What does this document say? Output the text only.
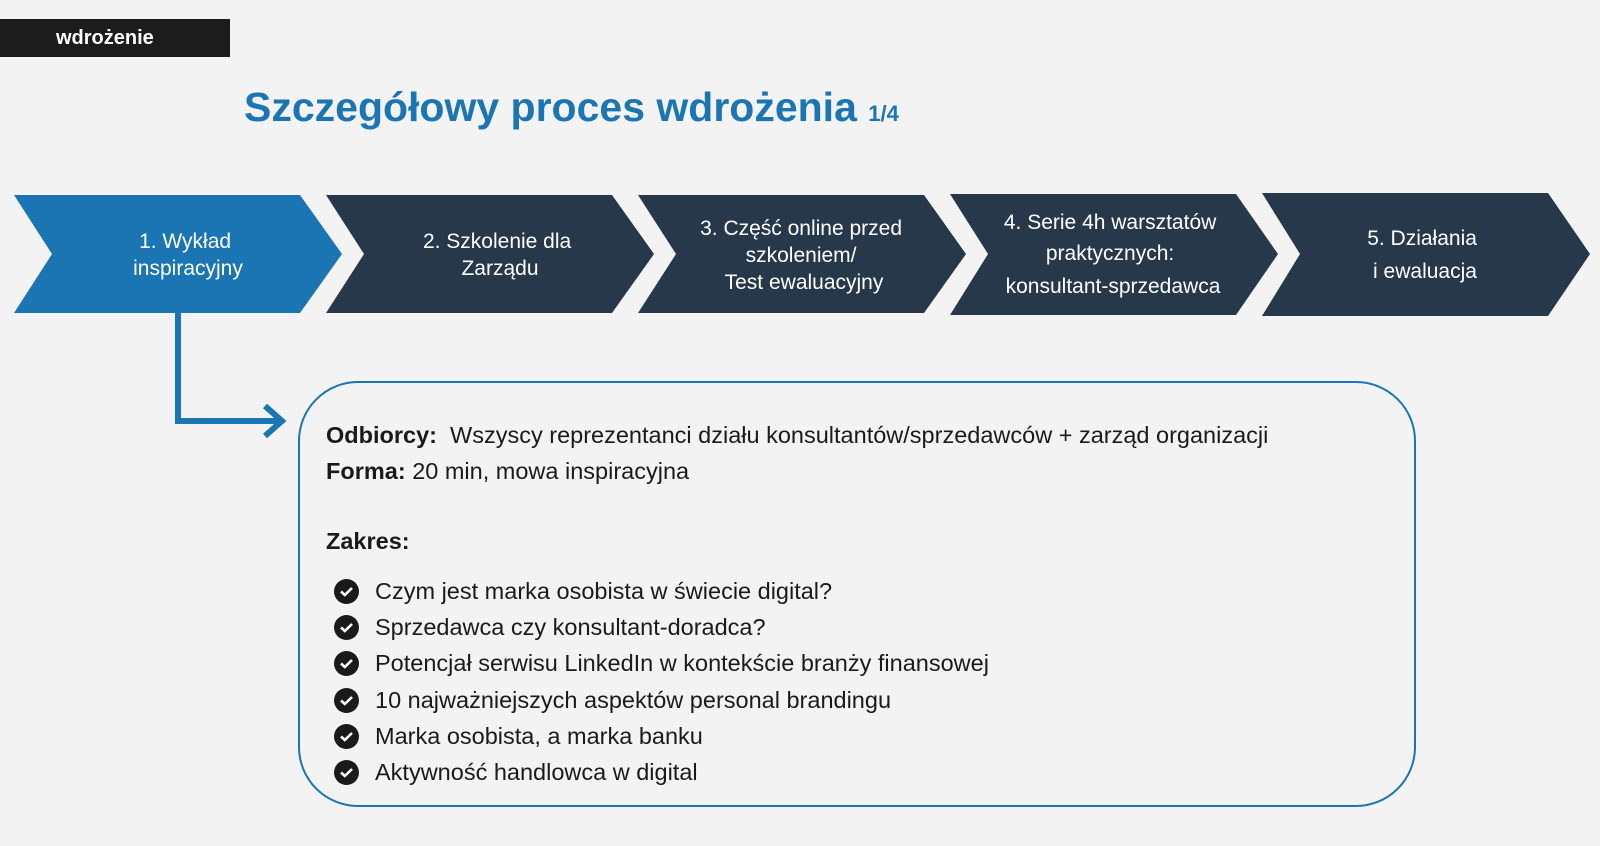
wdrożenie
Szczegółowy proces wdrożenia 1/4
1. Wykład inspiracyjny
2. Szkolenie dla Zarządu
3. Część online przed szkoleniem/ Test ewaluacyjny
4. Serie 4h warsztatów praktycznych: konsultant-sprzedawca
5. Działania i ewaluacja
Odbiorcy: Wszyscy reprezentanci działu konsultantów/sprzedawców + zarząd organizacji
Forma: 20 min, mowa inspiracyjna
Zakres:
Czym jest marka osobista w świecie digital?
Sprzedawca czy konsultant-doradca?
Potencjał serwisu LinkedIn w kontekście branży finansowej
10 najważniejszych aspektów personal brandingu
Marka osobista, a marka banku
Aktywność handlowca w digital
